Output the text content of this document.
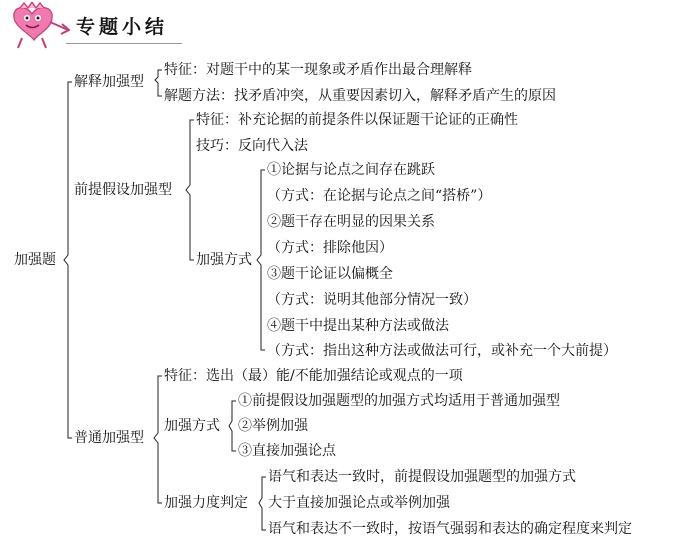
专题小结
加强题
解释加强型
特征：对题干中的某一现象或矛盾作出最合理解释
解题方法：找矛盾冲突，从重要因素切入，解释矛盾产生的原因
前提假设加强型
特征：补充论据的前提条件以保证题干论证的正确性
技巧：反向代入法
加强方式
①论据与论点之间存在跳跃
（方式：在论据与论点之间“搭桥”）
②题干存在明显的因果关系
（方式：排除他因）
③题干论证以偏概全
（方式：说明其他部分情况一致）
④题干中提出某种方法或做法
（方式：指出这种方法或做法可行，或补充一个大前提）
普通加强型
特征：选出（最）能/不能加强结论或观点的一项
加强方式
①前提假设加强题型的加强方式均适用于普通加强型
②举例加强
③直接加强论点
加强力度判定
语气和表达一致时，前提假设加强题型的加强方式
大于直接加强论点或举例加强
语气和表达不一致时，按语气强弱和表达的确定程度来判定
